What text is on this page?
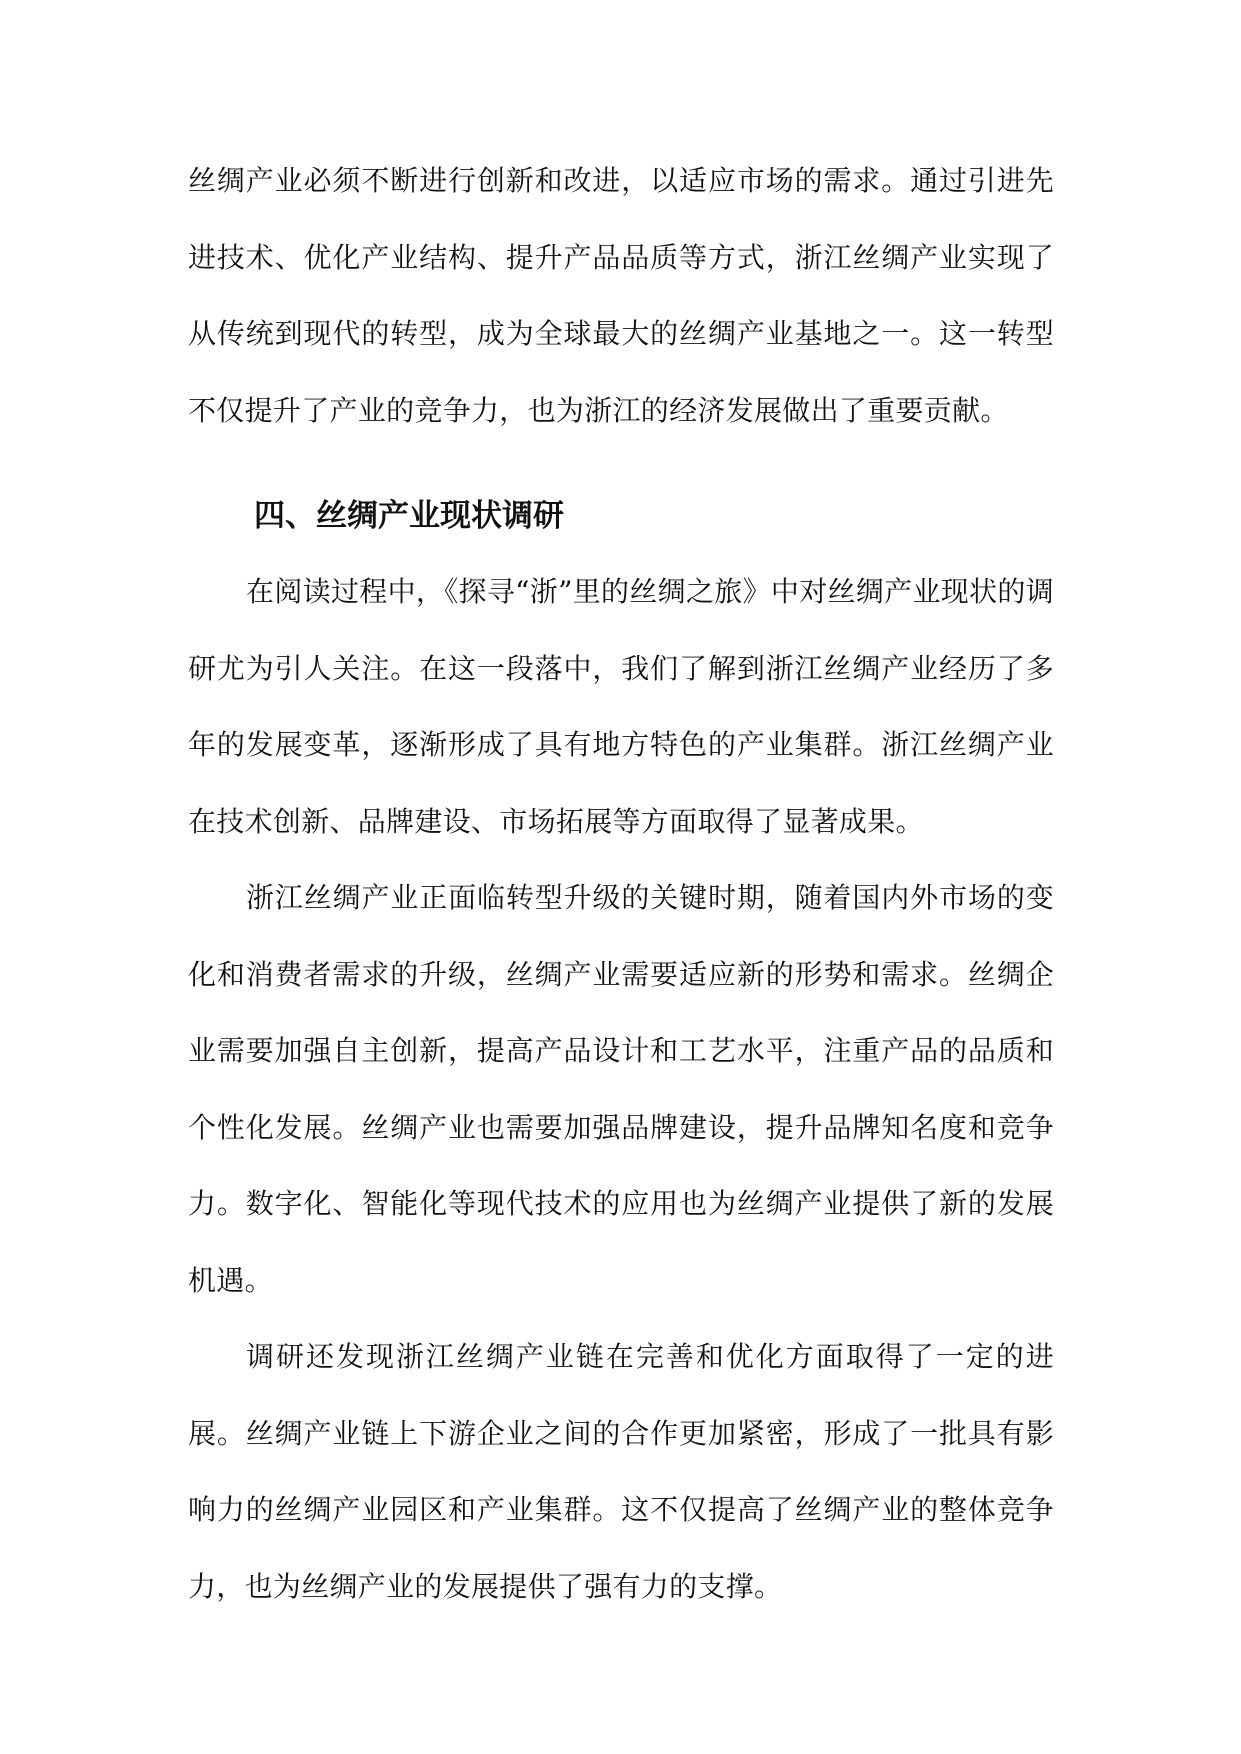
丝绸产业必须不断进行创新和改进，以适应市场的需求。通过引进先进技术、优化产业结构、提升产品品质等方式，浙江丝绸产业实现了从传统到现代的转型，成为全球最大的丝绸产业基地之一。这一转型不仅提升了产业的竞争力，也为浙江的经济发展做出了重要贡献。

四、丝绸产业现状调研

在阅读过程中，《探寻“浙”里的丝绸之旅》中对丝绸产业现状的调研尤为引人关注。在这一段落中，我们了解到浙江丝绸产业经历了多年的发展变革，逐渐形成了具有地方特色的产业集群。浙江丝绸产业在技术创新、品牌建设、市场拓展等方面取得了显著成果。

浙江丝绸产业正面临转型升级的关键时期，随着国内外市场的变化和消费者需求的升级，丝绸产业需要适应新的形势和需求。丝绸企业需要加强自主创新，提高产品设计和工艺水平，注重产品的品质和个性化发展。丝绸产业也需要加强品牌建设，提升品牌知名度和竞争力。数字化、智能化等现代技术的应用也为丝绸产业提供了新的发展机遇。

调研还发现浙江丝绸产业链在完善和优化方面取得了一定的进展。丝绸产业链上下游企业之间的合作更加紧密，形成了一批具有影响力的丝绸产业园区和产业集群。这不仅提高了丝绸产业的整体竞争力，也为丝绸产业的发展提供了强有力的支撑。
